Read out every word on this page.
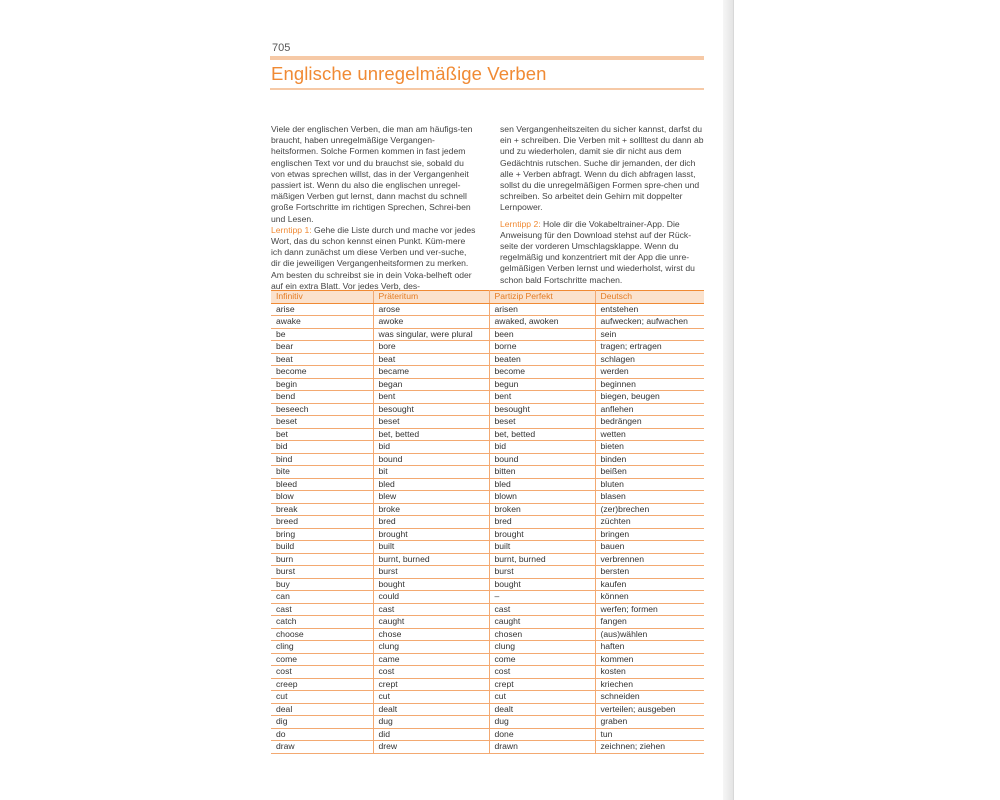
705
Englische unregelmäßige Verben

Viele der englischen Verben, die man am häufigs-ten braucht, haben unregelmäßige Vergangen-heitsformen. Solche Formen kommen in fast jedem englischen Text vor und du brauchst sie, sobald du von etwas sprechen willst, das in der Vergangenheit passiert ist. Wenn du also die englischen unregel-mäßigen Verben gut lernst, dann machst du schnell große Fortschritte im richtigen Sprechen, Schrei-ben und Lesen.

Lerntipp 1: Gehe die Liste durch und mache vor jedes Wort, das du schon kennst einen Punkt. Küm-mere ich dann zunächst um diese Verben und ver-suche, dir die jeweiligen Vergangenheitsformen zu merken. Am besten du schreibst sie in dein Voka-belheft oder auf ein extra Blatt. Vor jedes Verb, des-

sen Vergangenheitszeiten du sicher kannst, darfst du ein + schreiben. Die Verben mit + sollltest du dann ab und zu wiederholen, damit sie dir nicht aus dem Gedächtnis rutschen. Suche dir jemanden, der dich alle + Verben abfragt. Wenn du dich abfragen lasst, sollst du die unregelmäßigen Formen spre-chen und schreiben. So arbeitet dein Gehirn mit doppelter Lernpower.

Lerntipp 2: Hole dir die Vokabeltrainer-App. Die Anweisung für den Download stehst auf der Rück-seite der vorderen Umschlagsklappe. Wenn du regelmäßig und konzentriert mit der App die unre-gelmäßigen Verben lernst und wiederholst, wirst du schon bald Fortschritte machen.

Infinitiv	Präteritum	Partizip Perfekt	Deutsch
arise	arose	arisen	entstehen
awake	awoke	awaked, awoken	aufwecken; aufwachen
be	was singular, were plural	been	sein
bear	bore	borne	tragen; ertragen
beat	beat	beaten	schlagen
become	became	become	werden
begin	began	begun	beginnen
bend	bent	bent	biegen, beugen
beseech	besought	besought	anflehen
beset	beset	beset	bedrängen
bet	bet, betted	bet, betted	wetten
bid	bid	bid	bieten
bind	bound	bound	binden
bite	bit	bitten	beißen
bleed	bled	bled	bluten
blow	blew	blown	blasen
break	broke	broken	(zer)brechen
breed	bred	bred	züchten
bring	brought	brought	bringen
build	built	built	bauen
burn	burnt, burned	burnt, burned	verbrennen
burst	burst	burst	bersten
buy	bought	bought	kaufen
can	could	–	können
cast	cast	cast	werfen; formen
catch	caught	caught	fangen
choose	chose	chosen	(aus)wählen
cling	clung	clung	haften
come	came	come	kommen
cost	cost	cost	kosten
creep	crept	crept	kriechen
cut	cut	cut	schneiden
deal	dealt	dealt	verteilen; ausgeben
dig	dug	dug	graben
do	did	done	tun
draw	drew	drawn	zeichnen; ziehen
